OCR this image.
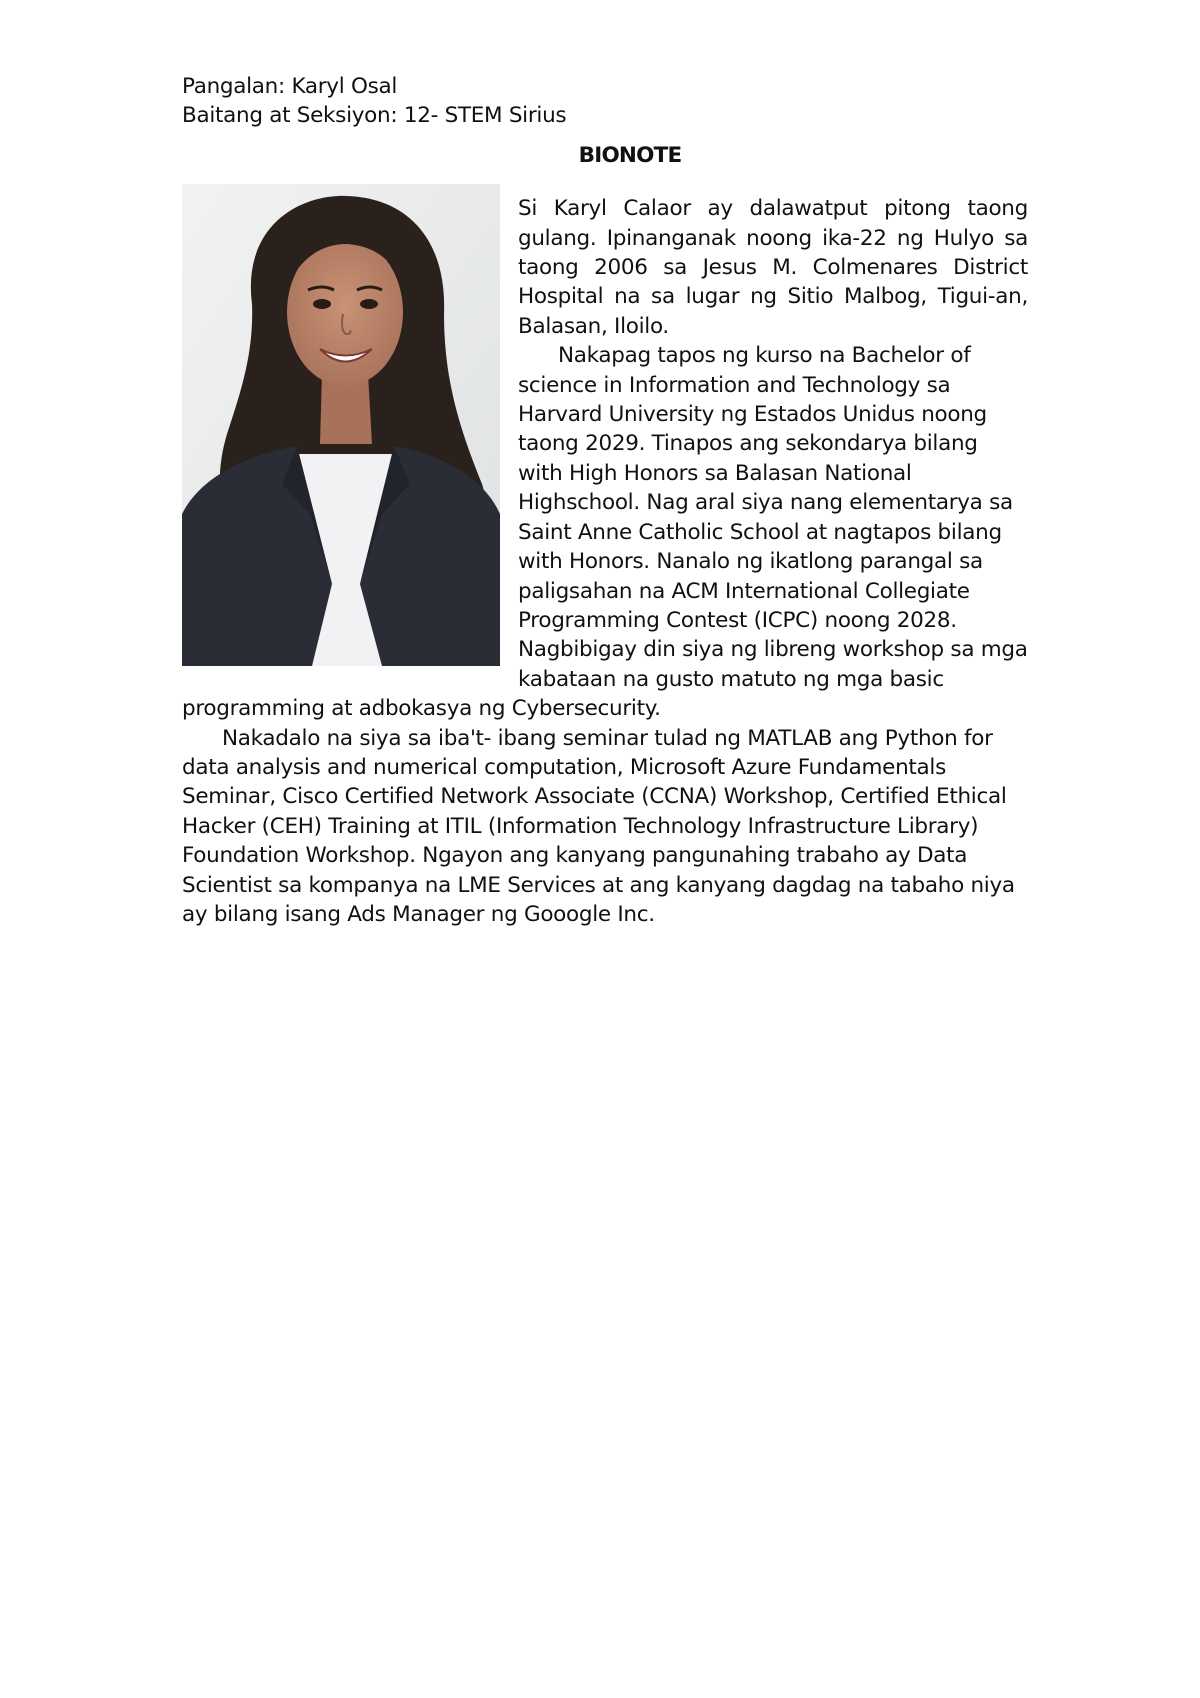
Pangalan: Karyl Osal

Baitang at Seksiyon: 12- STEM Sirius

BIONOTE

Si Karyl Calaor ay dalawatput pitong taong gulang. Ipinanganak noong ika-22 ng Hulyo sa taong 2006 sa Jesus M. Colmenares District Hospital na sa lugar ng Sitio Malbog, Tigui-an, Balasan, Iloilo.

Nakapag tapos ng kurso na Bachelor of science in Information and Technology sa Harvard University ng Estados Unidus noong taong 2029. Tinapos ang sekondarya bilang with High Honors sa Balasan National Highschool. Nag aral siya nang elementarya sa Saint Anne Catholic School at nagtapos bilang with Honors. Nanalo ng ikatlong parangal sa paligsahan na ACM International Collegiate Programming Contest (ICPC) noong 2028. Nagbibigay din siya ng libreng workshop sa mga kabataan na gusto matuto ng mga basic programming at adbokasya ng Cybersecurity.

Nakadalo na siya sa iba't- ibang seminar tulad ng MATLAB ang Python for data analysis and numerical computation, Microsoft Azure Fundamentals Seminar, Cisco Certified Network Associate (CCNA) Workshop, Certified Ethical Hacker (CEH) Training at ITIL (Information Technology Infrastructure Library) Foundation Workshop. Ngayon ang kanyang pangunahing trabaho ay Data Scientist sa kompanya na LME Services at ang kanyang dagdag na tabaho niya ay bilang isang Ads Manager ng Gooogle Inc.
